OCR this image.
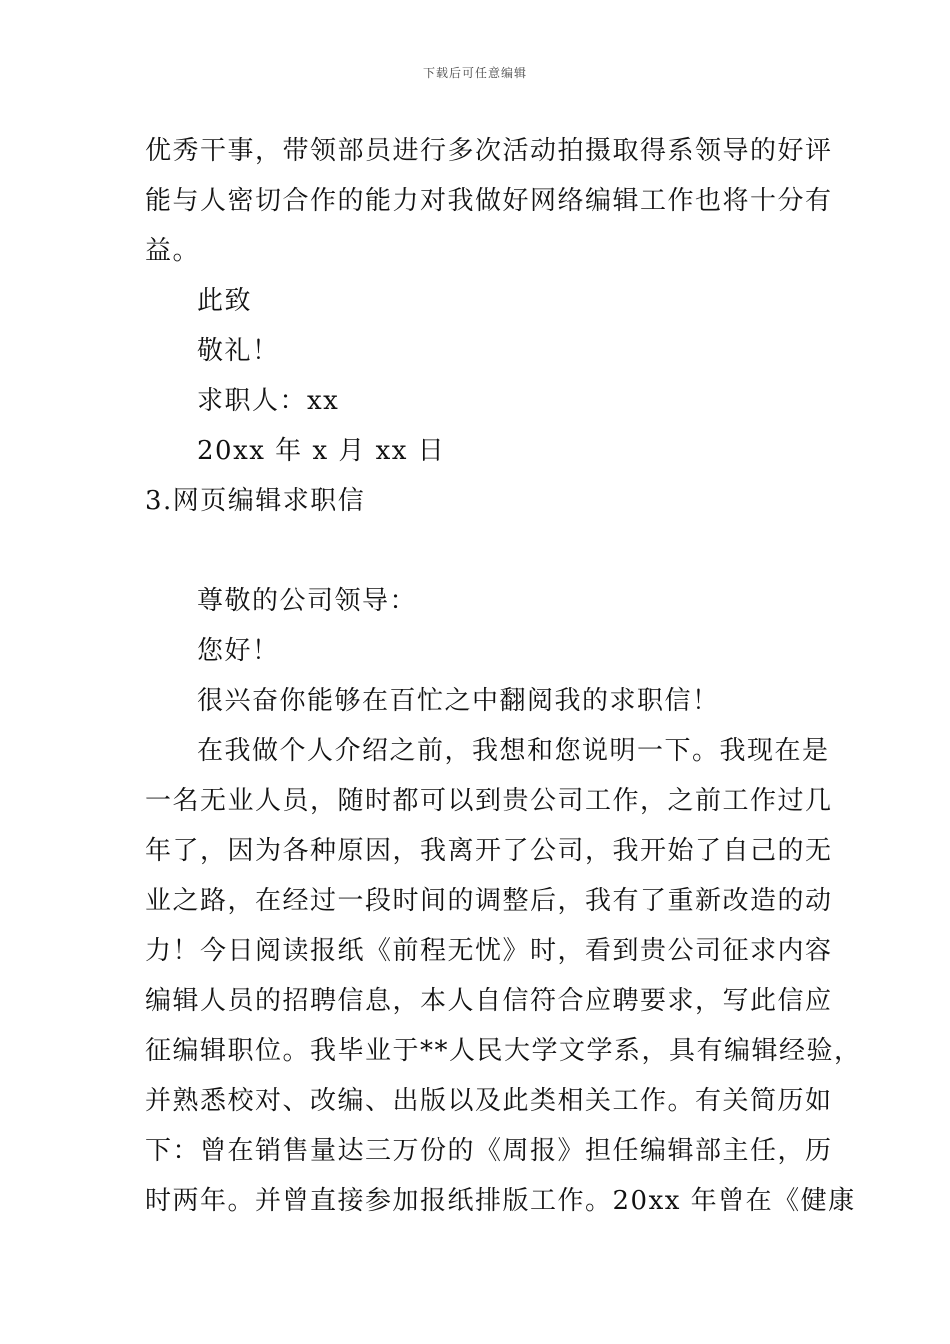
下载后可任意编辑
优秀干事，带领部员进行多次活动拍摄取得系领导的好评
能与人密切合作的能力对我做好网络编辑工作也将十分有
益。
此致
敬礼！
求职人：xx
20xx 年 x 月 xx 日
3.网页编辑求职信
尊敬的公司领导：
您好！
很兴奋你能够在百忙之中翻阅我的求职信！
在我做个人介绍之前，我想和您说明一下。我现在是
一名无业人员，随时都可以到贵公司工作，之前工作过几
年了，因为各种原因，我离开了公司，我开始了自己的无
业之路，在经过一段时间的调整后，我有了重新改造的动
力！今日阅读报纸《前程无忧》时，看到贵公司征求内容
编辑人员的招聘信息，本人自信符合应聘要求，写此信应
征编辑职位。我毕业于**人民大学文学系，具有编辑经验，
并熟悉校对、改编、出版以及此类相关工作。有关简历如
下：曾在销售量达三万份的《周报》担任编辑部主任，历
时两年。并曾直接参加报纸排版工作。20xx 年曾在《健康
